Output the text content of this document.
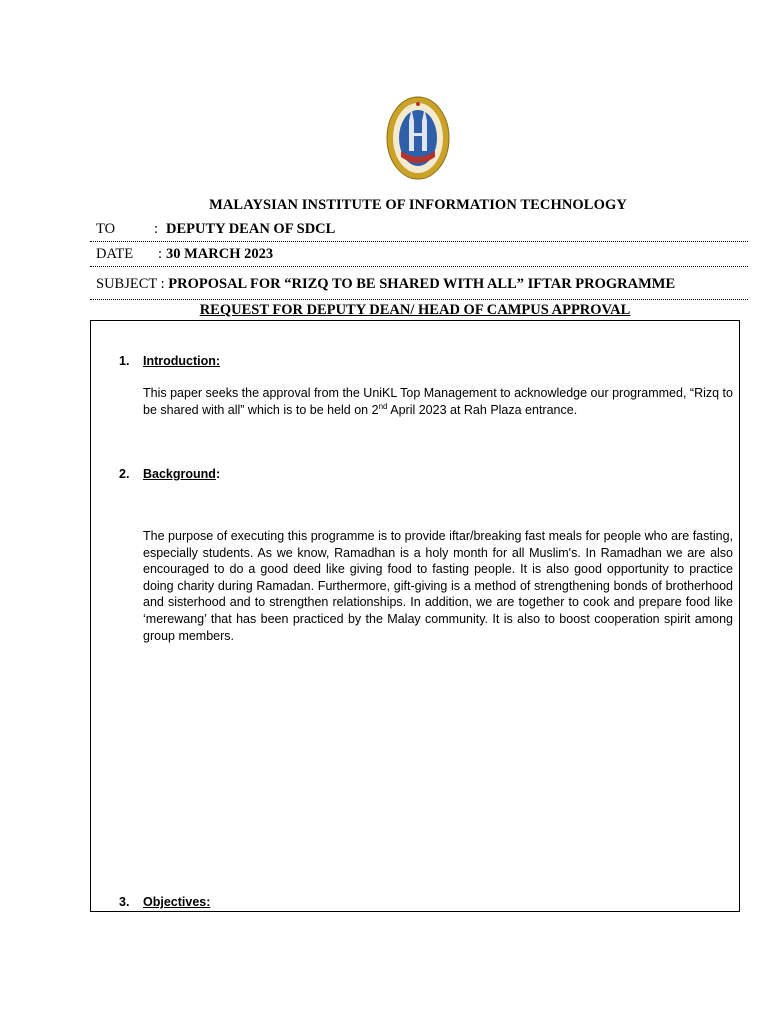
MALAYSIAN INSTITUTE OF INFORMATION TECHNOLOGY
TO	: DEPUTY DEAN OF SDCL
DATE : 30 MARCH 2023
SUBJECT : PROPOSAL FOR “RIZQ TO BE SHARED WITH ALL” IFTAR PROGRAMME
REQUEST FOR DEPUTY DEAN/ HEAD OF CAMPUS APPROVAL
1. Introduction:
This paper seeks the approval from the UniKL Top Management to acknowledge our programmed, “Rizq to be shared with all” which is to be held on 2nd April 2023 at Rah Plaza entrance.
2. Background:
The purpose of executing this programme is to provide iftar/breaking fast meals for people who are fasting, especially students. As we know, Ramadhan is a holy month for all Muslim's. In Ramadhan we are also encouraged to do a good deed like giving food to fasting people. It is also good opportunity to practice doing charity during Ramadan. Furthermore, gift-giving is a method of strengthening bonds of brotherhood and sisterhood and to strengthen relationships. In addition, we are together to cook and prepare food like ‘merewang’ that has been practiced by the Malay community. It is also to boost cooperation spirit among group members.
3. Objectives:
